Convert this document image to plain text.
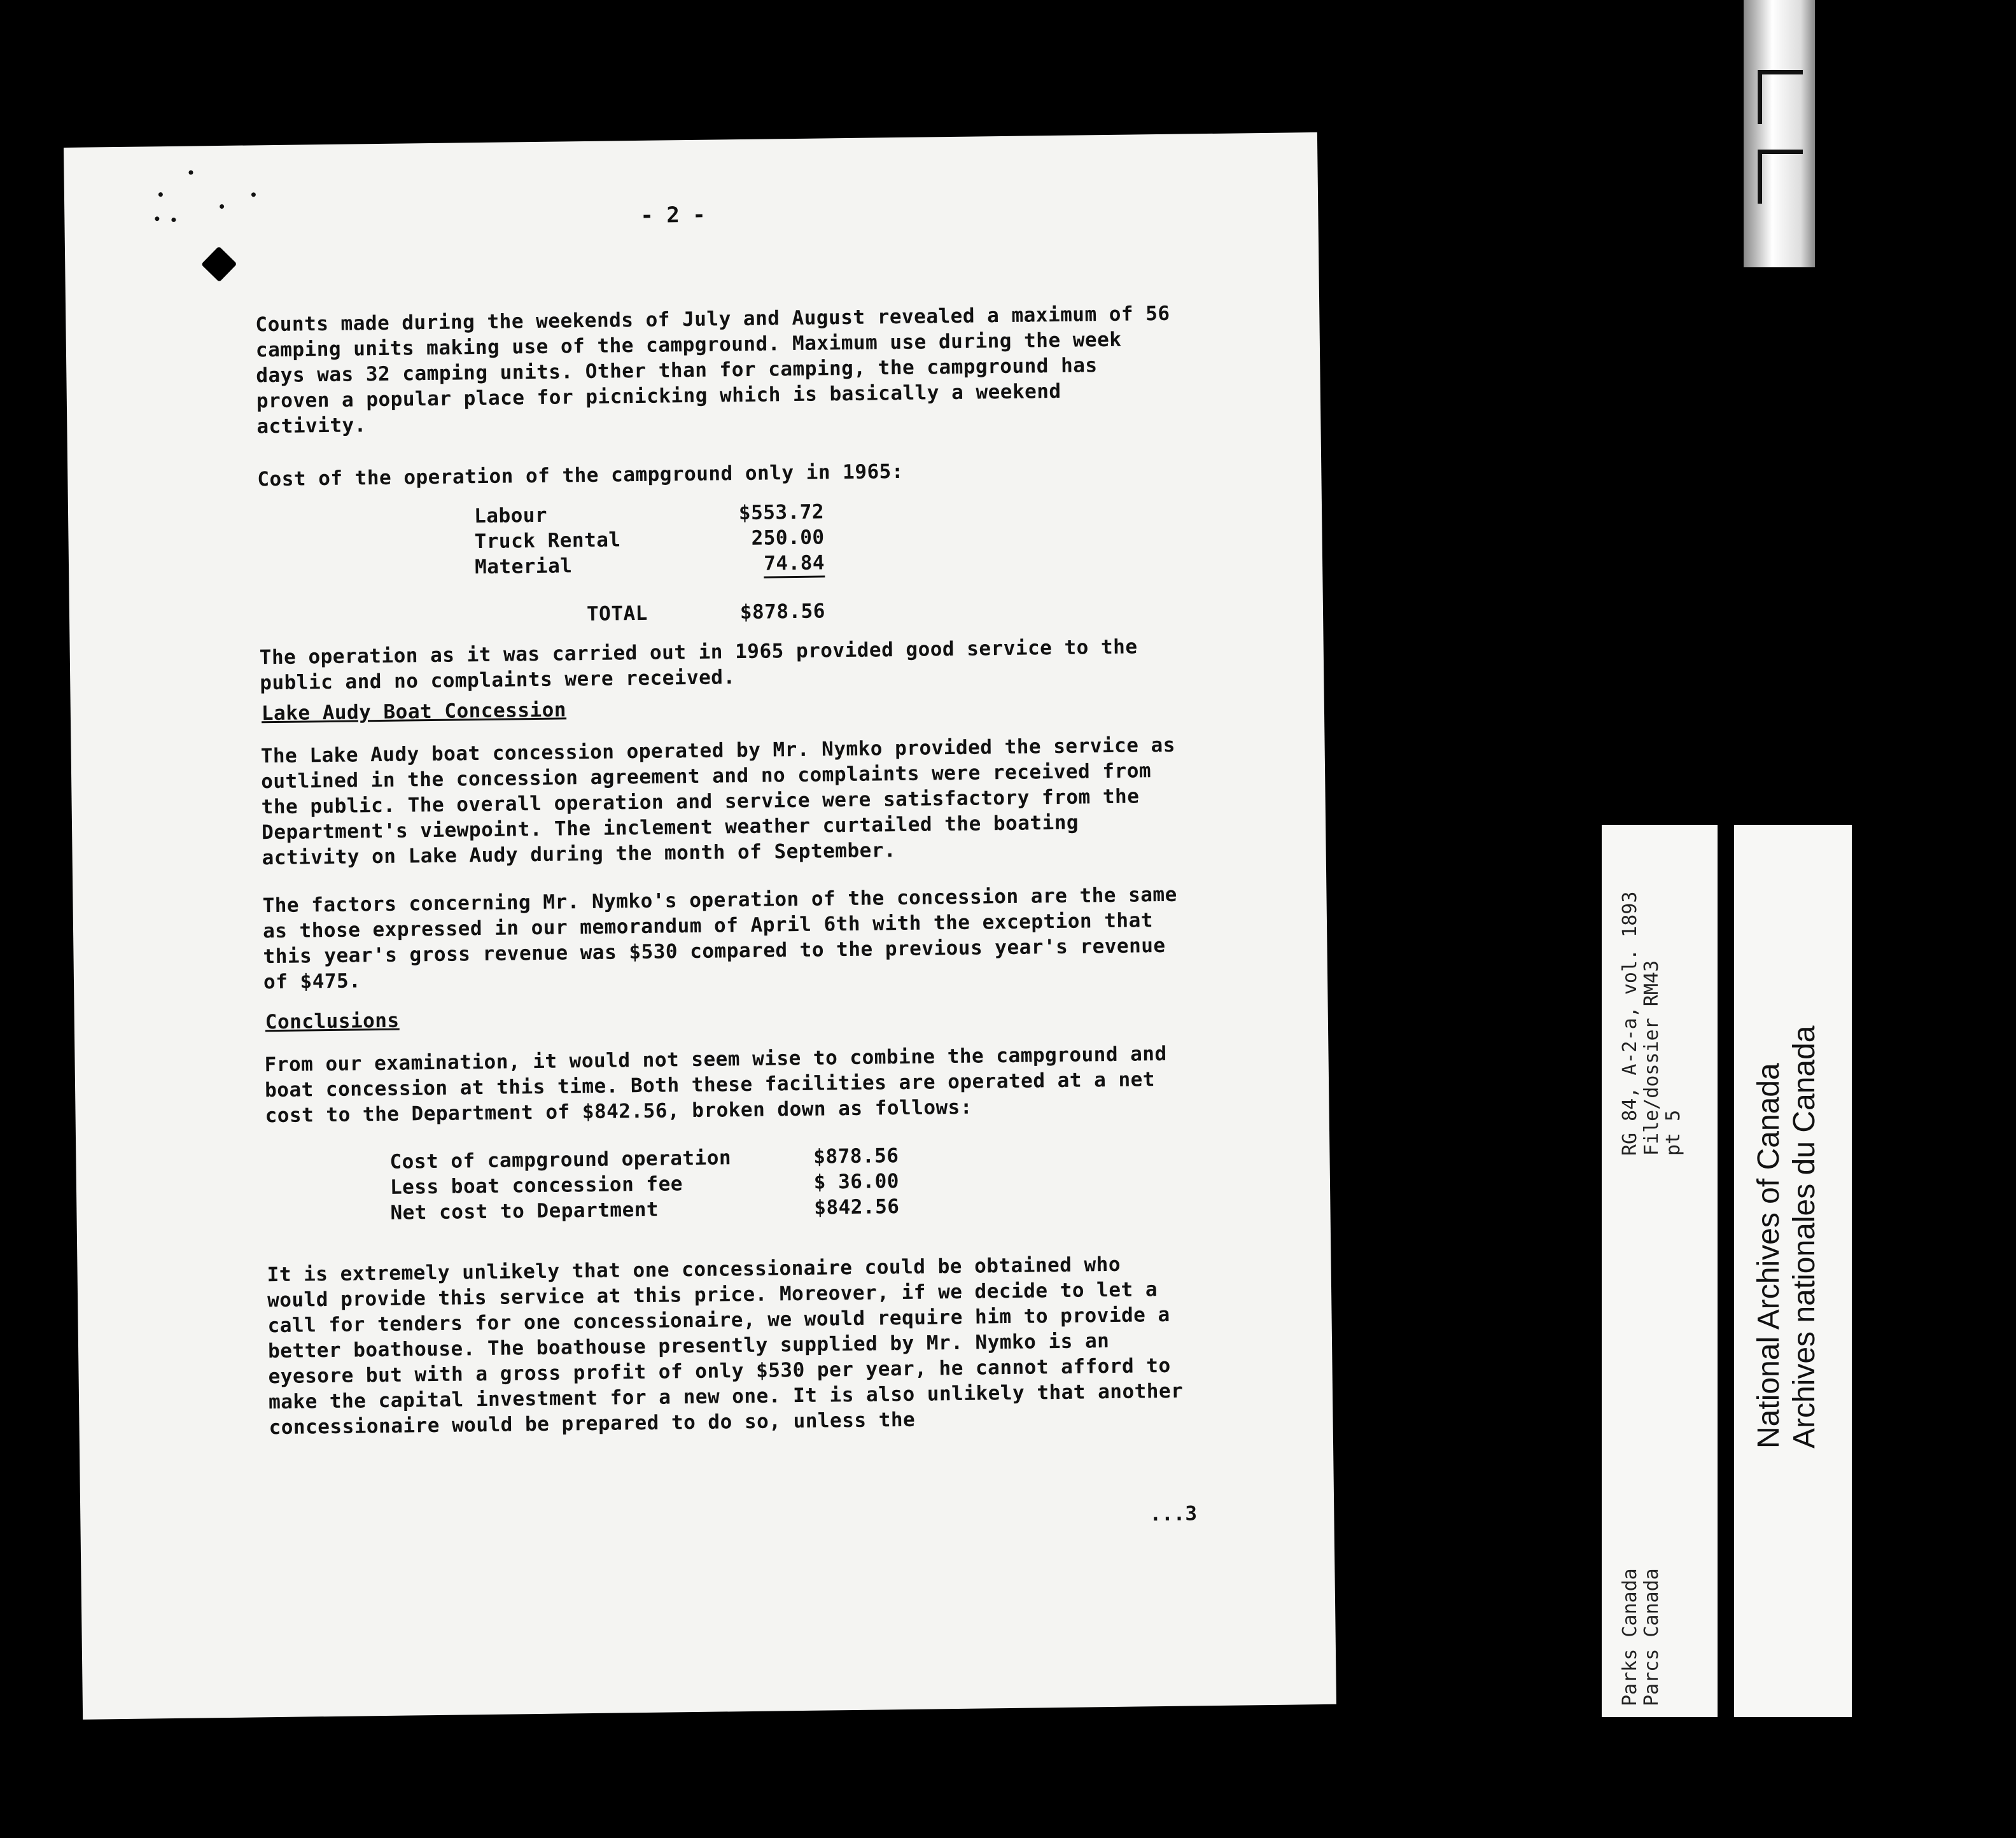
- 2 -

Counts made during the weekends of July and August revealed a maximum of 56 camping units making use of the campground. Maximum use during the week days was 32 camping units. Other than for camping, the campground has proven a popular place for picnicking which is basically a weekend activity.

Cost of the operation of the campground only in 1965:

Labour	$553.72
Truck Rental	250.00
Material	74.84
TOTAL	$878.56

The operation as it was carried out in 1965 provided good service to the public and no complaints were received.

Lake Audy Boat Concession

The Lake Audy boat concession operated by Mr. Nymko provided the service as outlined in the concession agreement and no complaints were received from the public. The overall operation and service were satisfactory from the Department's viewpoint. The inclement weather curtailed the boating activity on Lake Audy during the month of September.

The factors concerning Mr. Nymko's operation of the concession are the same as those expressed in our memorandum of April 6th with the exception that this year's gross revenue was $530 compared to the previous year's revenue of $475.

Conclusions

From our examination, it would not seem wise to combine the campground and boat concession at this time. Both these facilities are operated at a net cost to the Department of $842.56, broken down as follows:

Cost of campground operation	$878.56
Less boat concession fee	$ 36.00
Net cost to Department	$842.56

It is extremely unlikely that one concessionaire could be obtained who would provide this service at this price. Moreover, if we decide to let a call for tenders for one concessionaire, we would require him to provide a better boathouse. The boathouse presently supplied by Mr. Nymko is an eyesore but with a gross profit of only $530 per year, he cannot afford to make the capital investment for a new one. It is also unlikely that another concessionaire would be prepared to do so, unless the

...3
RG 84, A-2-a, vol. 1893 File/dossier RM43 pt 5
Parks Canada Parcs Canada
National Archives of Canada Archives nationales du Canada
